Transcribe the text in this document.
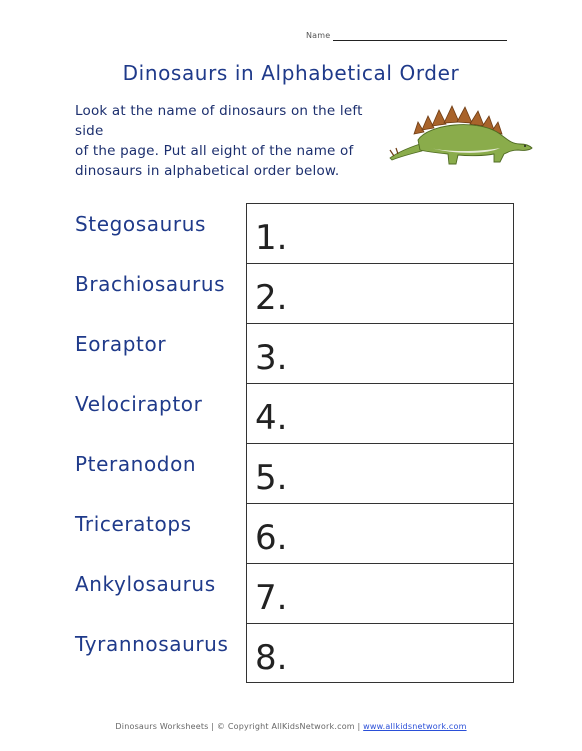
Name
Dinosaurs in Alphabetical Order
Look at the name of dinosaurs on the left side
of the page. Put all eight of the name of
dinosaurs in alphabetical order below.
Stegosaurus
Brachiosaurus
Eoraptor
Velociraptor
Pteranodon
Triceratops
Ankylosaurus
Tyrannosaurus
1.
2.
3.
4.
5.
6.
7.
8.
Dinosaurs Worksheets | © Copyright AllKidsNetwork.com | www.allkidsnetwork.com
